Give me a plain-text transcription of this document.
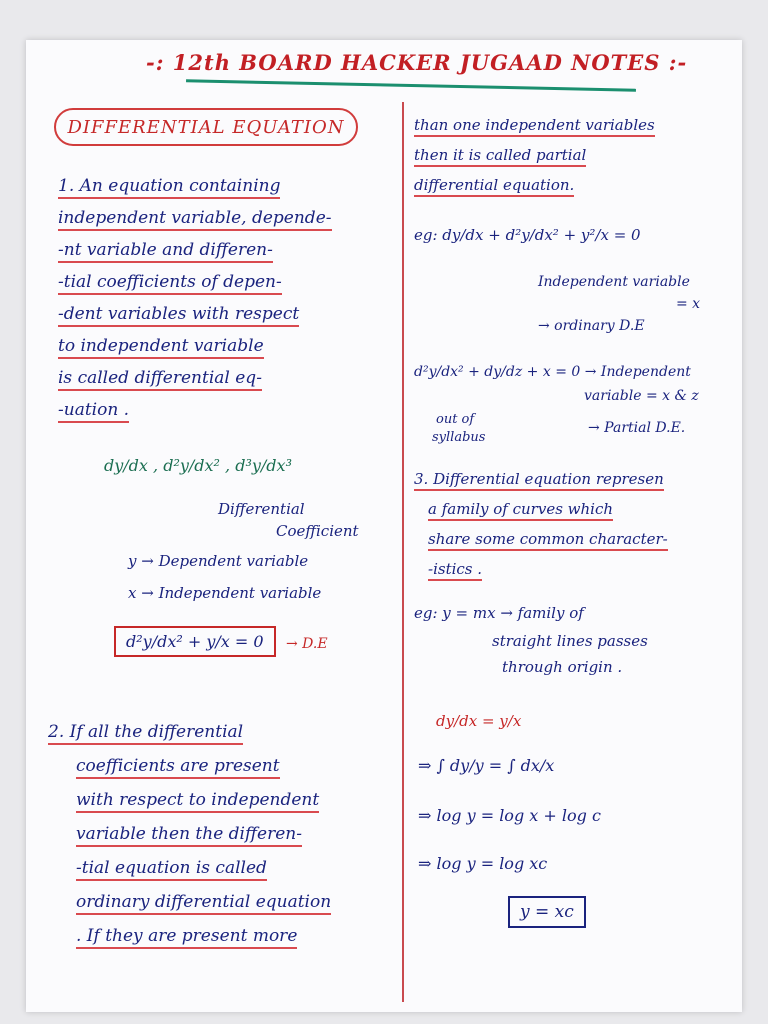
-: 12th BOARD HACKER JUGAAD NOTES :-
DIFFERENTIAL EQUATION
1. An equation containing
independent variable, depende-
-nt variable and differen-
-tial coefficients of depen-
-dent variables with respect
to independent variable
is called differential eq-
-uation .
dy/dx , d²y/dx² , d³y/dx³
Differential
Coefficient
y → Dependent variable
x → Independent variable
d²y/dx² + y/x = 0	→ D.E
2. If all the differential
coefficients are present
with respect to independent
variable then the differen-
-tial equation is called
ordinary differential equation
. If they are present more
than one independent variables
then it is called partial
differential equation.
eg: dy/dx + d²y/dx² + y²/x = 0
Independent variable
= x
→ ordinary D.E
d²y/dx² + dy/dz + x = 0 → Independent
variable = x & z
out of
syllabus
→ Partial D.E.
3. Differential equation represen
a family of curves which
share some common character-
-istics .
eg: y = mx → family of
straight lines passes
through origin .
dy/dx = y/x
⇒ ∫ dy/y = ∫ dx/x
⇒ log y = log x + log c
⇒ log y = log xc
y = xc
